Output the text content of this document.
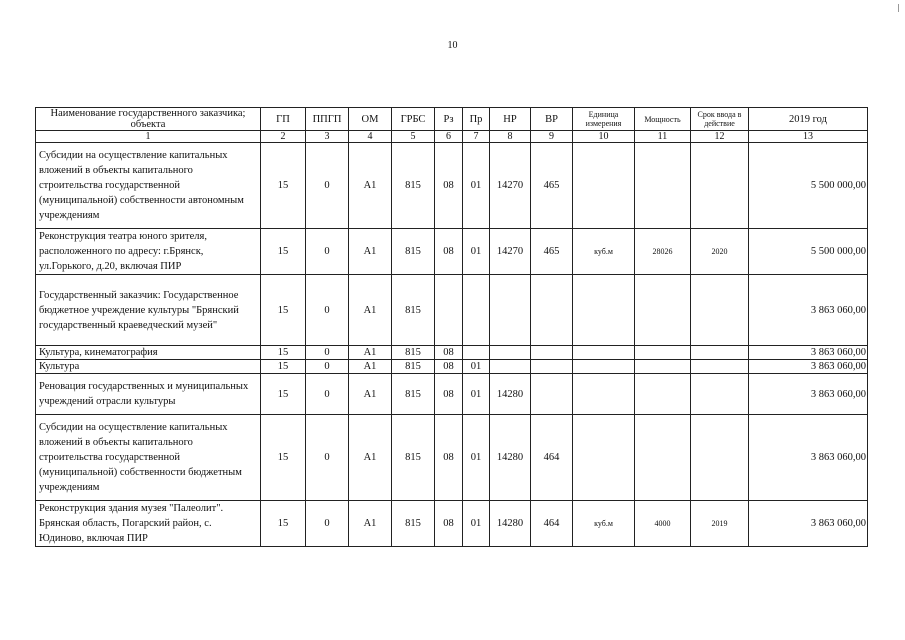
10
Наименование государственного заказчика; объекта	ГП	ППГП	ОМ	ГРБС	Рз	Пр	НР	ВР	Единица измерения	Мощность	Срок ввода в действие	2019 год
1	2	3	4	5	6	7	8	9	10	11	12	13
Субсидии на осуществление капитальных вложений в объекты капитального строительства государственной (муниципальной) собственности автономным учреждениям	15	0	А1	815	08	01	14270	465				5 500 000,00
Реконструкция театра юного зрителя, расположенного по адресу: г.Брянск, ул.Горького, д.20, включая ПИР	15	0	А1	815	08	01	14270	465	куб.м	28026	2020	5 500 000,00
Государственный заказчик: Государственное бюджетное учреждение культуры "Брянский государственный краеведческий музей"	15	0	А1	815								3 863 060,00
Культура, кинематография	15	0	А1	815	08							3 863 060,00
Культура	15	0	А1	815	08	01						3 863 060,00
Реновация государственных и муниципальных учреждений отрасли культуры	15	0	А1	815	08	01	14280					3 863 060,00
Субсидии на осуществление капитальных вложений в объекты капитального строительства государственной (муниципальной) собственности бюджетным учреждениям	15	0	А1	815	08	01	14280	464				3 863 060,00
Реконструкция здания музея "Палеолит". Брянская область, Погарский район, с. Юдиново, включая ПИР	15	0	А1	815	08	01	14280	464	куб.м	4000	2019	3 863 060,00
